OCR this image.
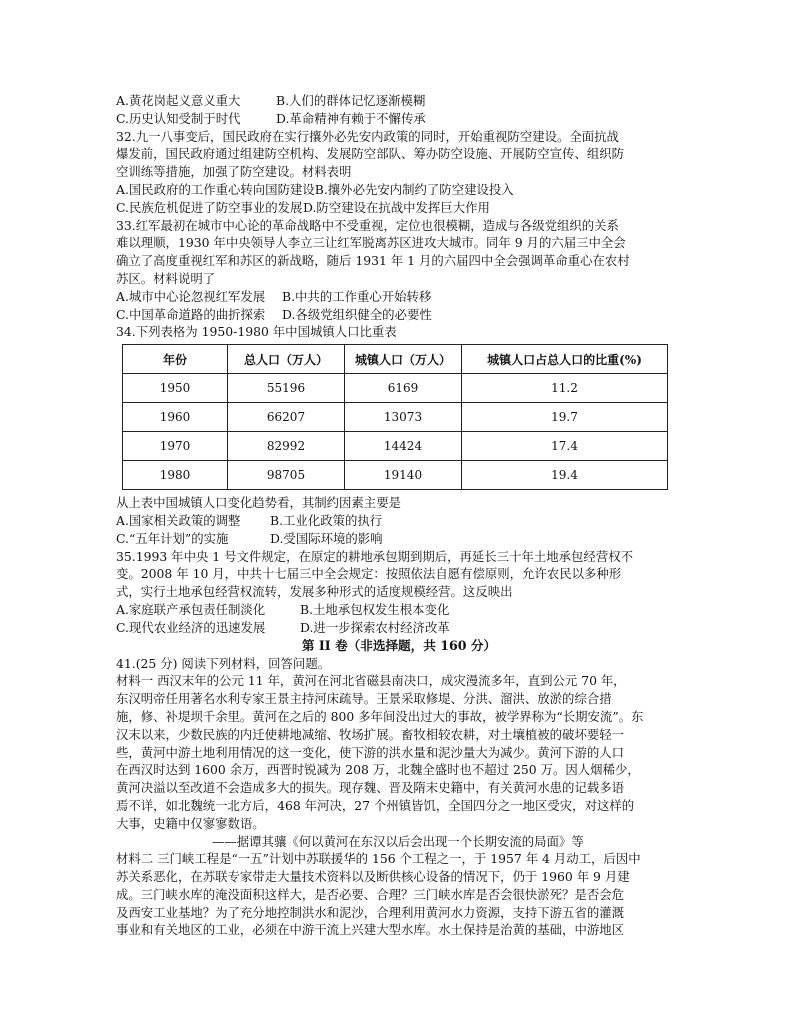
A.黄花岗起义意义重大	B.人们的群体记忆逐渐模糊
C.历史认知受制于时代	D.革命精神有赖于不懈传承
32.九一八事变后，国民政府在实行攘外必先安内政策的同时，开始重视防空建设。全面抗战
爆发前，国民政府通过组建防空机构、发展防空部队、筹办防空设施、开展防空宣传、组织防
空训练等措施，加强了防空建设。材料表明
A.国民政府的工作重心转向国防建设 B.攘外必先安内制约了防空建设投入
C.民族危机促进了防空事业的发展 D.防空建设在抗战中发挥巨大作用
33.红军最初在城市中心论的革命战略中不受重视，定位也很模糊，造成与各级党组织的关系
难以理顺，1930 年中央领导人李立三让红军脱离苏区进攻大城市。同年 9 月的六届三中全会
确立了高度重视红军和苏区的新战略，随后 1931 年 1 月的六届四中全会强调革命重心在农村
苏区。材料说明了
A.城市中心论忽视红军发展	B.中共的工作重心开始转移
C.中国革命道路的曲折探索	D.各级党组织健全的必要性
34.下列表格为 1950-1980 年中国城镇人口比重表
年份	总人口（万人）	城镇人口（万人）	城镇人口占总人口的比重(%)
1950	55196	6169	11.2
1960	66207	13073	19.7
1970	82992	14424	17.4
1980	98705	19140	19.4
从上表中国城镇人口变化趋势看，其制约因素主要是
A.国家相关政策的调整	B.工业化政策的执行
C.“五年计划”的实施	D.受国际环境的影响
35.1993 年中央 1 号文件规定，在原定的耕地承包期到期后，再延长三十年土地承包经营权不
变。2008 年 10 月，中共十七届三中全会规定：按照依法自愿有偿原则，允许农民以多种形
式，实行土地承包经营权流转，发展多种形式的适度规模经营。这反映出
A.家庭联产承包责任制淡化	B.土地承包权发生根本变化
C.现代农业经济的迅速发展	D.进一步探索农村经济改革
第 II 卷（非选择题，共 160 分）
41.(25 分) 阅读下列材料，回答问题。
材料一 西汉末年的公元 11 年，黄河在河北省磁县南决口，成灾漫流多年，直到公元 70 年，
东汉明帝任用著名水利专家王景主持河床疏导。王景采取修堤、分洪、溜洪、放淤的综合措
施，修、补堤坝千余里。黄河在之后的 800 多年间没出过大的事故，被学界称为“长期安流”。东
汉末以来，少数民族的内迁使耕地减缩、牧场扩展。畜牧相较农耕，对土壤植被的破坏要轻一
些，黄河中游土地利用情况的这一变化，使下游的洪水量和泥沙量大为减少。黄河下游的人口
在西汉时达到 1600 余万，西晋时锐减为 208 万，北魏全盛时也不超过 250 万。因人烟稀少，
黄河决溢以至改道不会造成多大的损失。现存魏、晋及隋末史籍中，有关黄河水患的记载多语
焉不详，如北魏统一北方后，468 年河决，27 个州镇皆饥，全国四分之一地区受灾，对这样的
大事，史籍中仅寥寥数语。
——据谭其骧《何以黄河在东汉以后会出现一个长期安流的局面》等
材料二 三门峡工程是“一五”计划中苏联援华的 156 个工程之一，于 1957 年 4 月动工，后因中
苏关系恶化，在苏联专家带走大量技术资料以及断供核心设备的情况下，仍于 1960 年 9 月建
成。三门峡水库的淹没面积这样大，是否必要、合理？三门峡水库是否会很快淤死？是否会危
及西安工业基地？为了充分地控制洪水和泥沙，合理利用黄河水力资源，支持下游五省的灌溉
事业和有关地区的工业，必须在中游干流上兴建大型水库。水土保持是治黄的基础，中游地区
